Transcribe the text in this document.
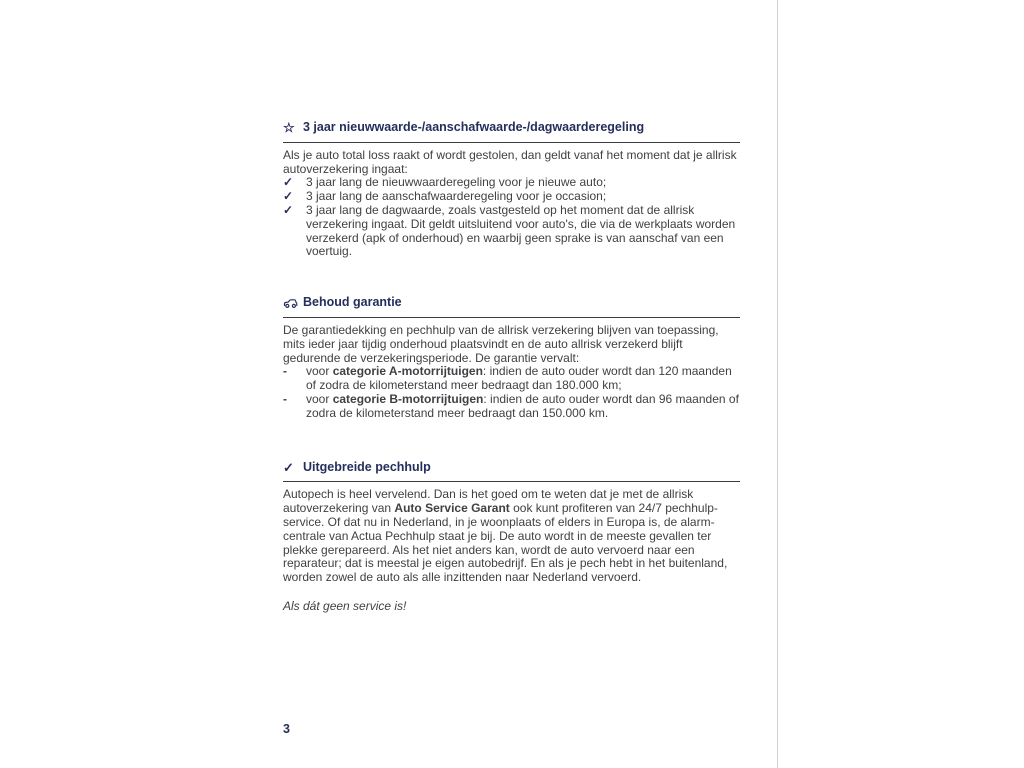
☆ 3 jaar nieuwwaarde-/aanschafwaarde-/dagwaarderegeling
Als je auto total loss raakt of wordt gestolen, dan geldt vanaf het moment dat je allrisk autoverzekering ingaat:
✓	3 jaar lang de nieuwwaarderegeling voor je nieuwe auto;
✓	3 jaar lang de aanschafwaarderegeling voor je occasion;
✓	3 jaar lang de dagwaarde, zoals vastgesteld op het moment dat de allrisk verzekering ingaat. Dit geldt uitsluitend voor auto's, die via de werkplaats worden verzekerd (apk of onderhoud) en waarbij geen sprake is van aanschaf van een voertuig.
Behoud garantie
De garantiedekking en pechhulp van de allrisk verzekering blijven van toepassing, mits ieder jaar tijdig onderhoud plaatsvindt en de auto allrisk verzekerd blijft gedurende de verzekeringsperiode. De garantie vervalt:
-	voor categorie A-motorrijtuigen: indien de auto ouder wordt dan 120 maanden of zodra de kilometerstand meer bedraagt dan 180.000 km;
-	voor categorie B-motorrijtuigen: indien de auto ouder wordt dan 96 maanden of zodra de kilometerstand meer bedraagt dan 150.000 km.
✓ Uitgebreide pechhulp
Autopech is heel vervelend. Dan is het goed om te weten dat je met de allrisk autoverzekering van Auto Service Garant ook kunt profiteren van 24/7 pechhulp-service. Of dat nu in Nederland, in je woonplaats of elders in Europa is, de alarm-centrale van Actua Pechhulp staat je bij. De auto wordt in de meeste gevallen ter plekke gerepareerd. Als het niet anders kan, wordt de auto vervoerd naar een reparateur; dat is meestal je eigen autobedrijf. En als je pech hebt in het buitenland, worden zowel de auto als alle inzittenden naar Nederland vervoerd.
Als dát geen service is!
3
